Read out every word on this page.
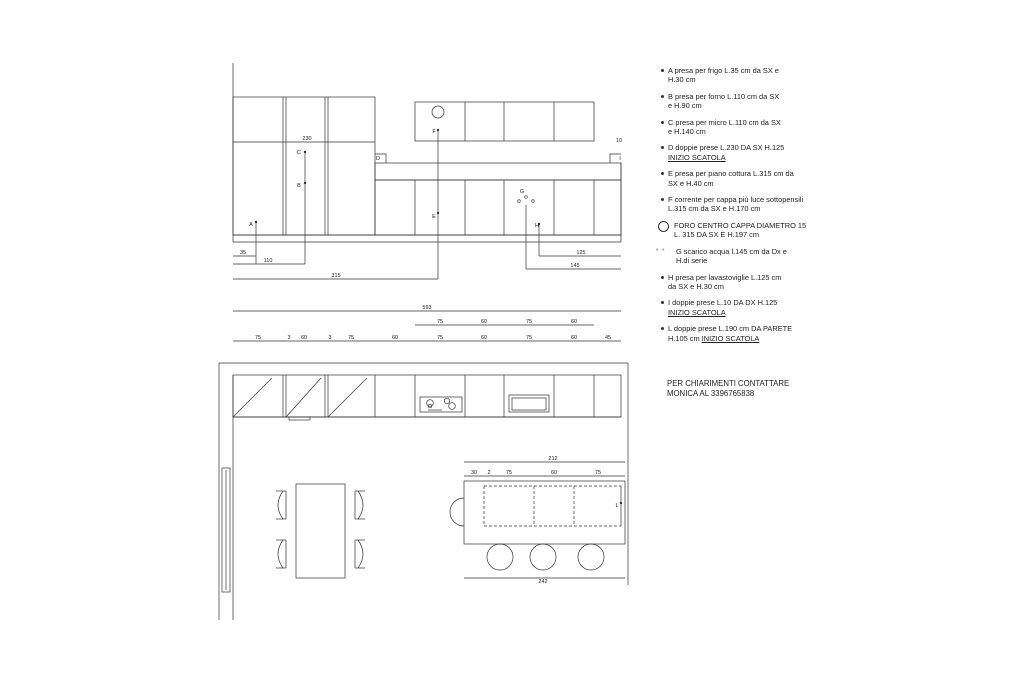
A
B
C
D
E
F
G
H
I
230	10
35
110
315
125
145
593
75	60	75	60
75	3 60	3	75	60	75	60	75	60	45
212
30 2	75	60	75
242
L
A presa per frigo L.35 cm da SX e
H.30 cm
B presa per forno L.110 cm da SX
e H.90 cm
C presa per micro L.110 cm da SX
e H.140 cm
D doppie prese L.230 DA SX H.125
INIZIO SCATOLA
E presa per piano cottura L.315 cm da
SX e H.40 cm
F corrente per cappa più luce sottopensili
L.315 cm da SX e H.170 cm
FORO CENTRO CAPPA DIAMETRO 15
L. 315 DA SX E H.197 cm
° °	G scarico acqua l.145 cm da Dx e
H.di serie
H presa per lavastoviglie L.125 cm
da SX e H.30 cm
I doppie prese L.10 DA DX H.125
INIZIO SCATOLA
L doppie prese L.190 cm DA PARETE
H.105 cm INIZIO SCATOLA
PER CHIARIMENTI CONTATTARE
MONICA AL 3396765838
